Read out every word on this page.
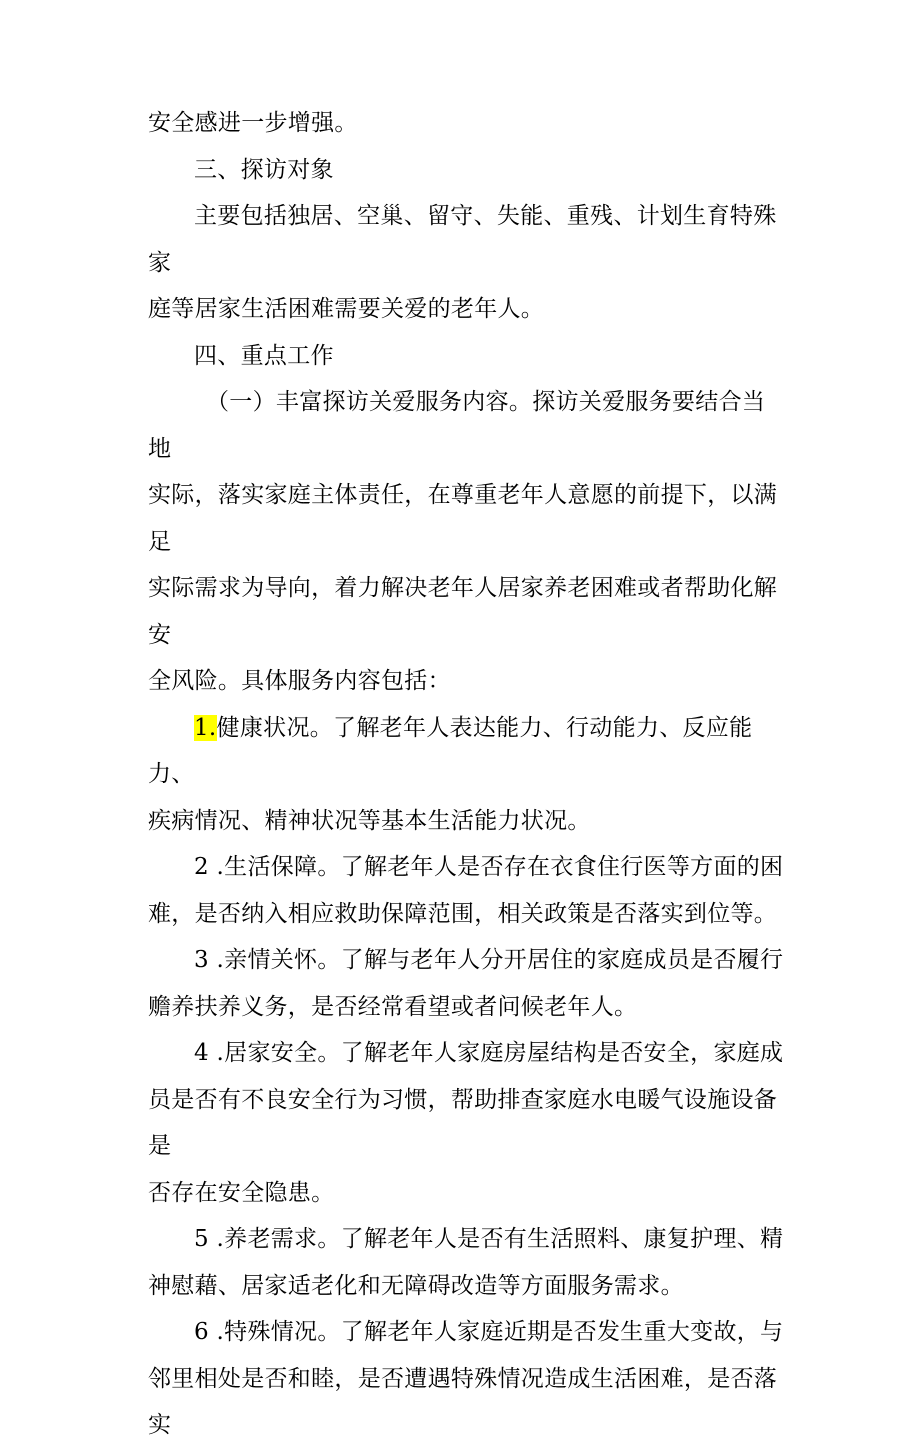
安全感进一步增强。
三、探访对象
主要包括独居、空巢、留守、失能、重残、计划生育特殊家
庭等居家生活困难需要关爱的老年人。
四、重点工作
（一）丰富探访关爱服务内容。探访关爱服务要结合当地
实际，落实家庭主体责任，在尊重老年人意愿的前提下，以满足
实际需求为导向，着力解决老年人居家养老困难或者帮助化解安
全风险。具体服务内容包括：
1.健康状况。了解老年人表达能力、行动能力、反应能力、
疾病情况、精神状况等基本生活能力状况。
2 .生活保障。了解老年人是否存在衣食住行医等方面的困
难，是否纳入相应救助保障范围，相关政策是否落实到位等。
3 .亲情关怀。了解与老年人分开居住的家庭成员是否履行
赡养扶养义务，是否经常看望或者问候老年人。
4 .居家安全。了解老年人家庭房屋结构是否安全，家庭成
员是否有不良安全行为习惯，帮助排查家庭水电暖气设施设备是
否存在安全隐患。
5 .养老需求。了解老年人是否有生活照料、康复护理、精
神慰藉、居家适老化和无障碍改造等方面服务需求。
6 .特殊情况。了解老年人家庭近期是否发生重大变故，与
邻里相处是否和睦，是否遭遇特殊情况造成生活困难，是否落实
